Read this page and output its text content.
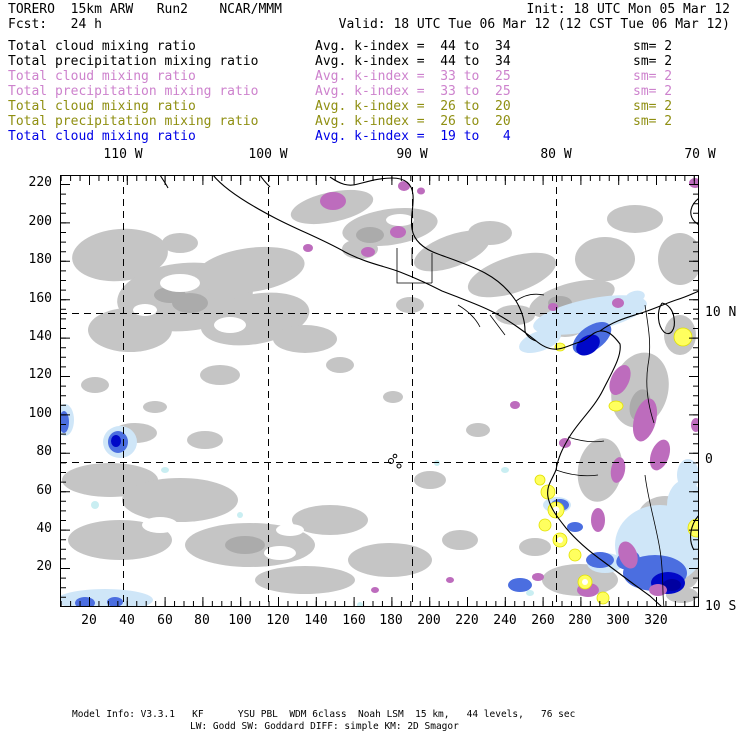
TORERO  15km ARW   Run2    NCAR/MMM	Init: 18 UTC Mon 05 Mar 12
Fcst:   24 h	Valid: 18 UTC Tue 06 Mar 12 (12 CST Tue 06 Mar 12)
Total cloud mixing ratio	Avg. k-index =  44 to  34	sm= 2
Total precipitation mixing ratio	Avg. k-index =  44 to  34	sm= 2
Total cloud mixing ratio	Avg. k-index =  33 to  25	sm= 2
Total precipitation mixing ratio	Avg. k-index =  33 to  25	sm= 2
Total cloud mixing ratio	Avg. k-index =  26 to  20	sm= 2
Total precipitation mixing ratio	Avg. k-index =  26 to  20	sm= 2
Total cloud mixing ratio	Avg. k-index =  19 to   4
110 W	100 W	90 W	80 W	70 W
10 N
0
10 S
220
200
180
160
140
120
100
80
60
40
20
20	40	60	80	100	120	140	160	180	200	220	240	260	280	300	320
Model Info: V3.3.1   KF      YSU PBL  WDM 6class  Noah LSM  15 km,   44 levels,   76 sec
LW: Godd SW: Goddard DIFF: simple KM: 2D Smagor
